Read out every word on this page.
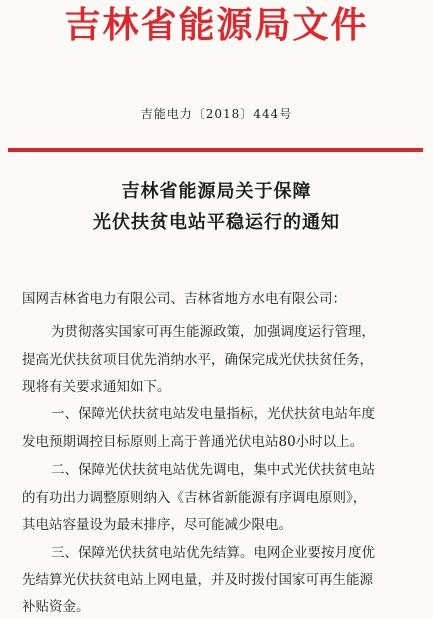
吉林省能源局文件
吉能电力〔2018〕444号
吉林省能源局关于保障
光伏扶贫电站平稳运行的通知
国网吉林省电力有限公司、吉林省地方水电有限公司：
为贯彻落实国家可再生能源政策，加强调度运行管理，
提高光伏扶贫项目优先消纳水平，确保完成光伏扶贫任务，
现将有关要求通知如下。
一、保障光伏扶贫电站发电量指标，光伏扶贫电站年度
发电预期调控目标原则上高于普通光伏电站80小时以上。
二、保障光伏扶贫电站优先调电，集中式光伏扶贫电站
的有功出力调整原则纳入《吉林省新能源有序调电原则》，
其电站容量设为最末排序，尽可能减少限电。
三、保障光伏扶贫电站优先结算。电网企业要按月度优
先结算光伏扶贫电站上网电量，并及时拨付国家可再生能源
补贴资金。
